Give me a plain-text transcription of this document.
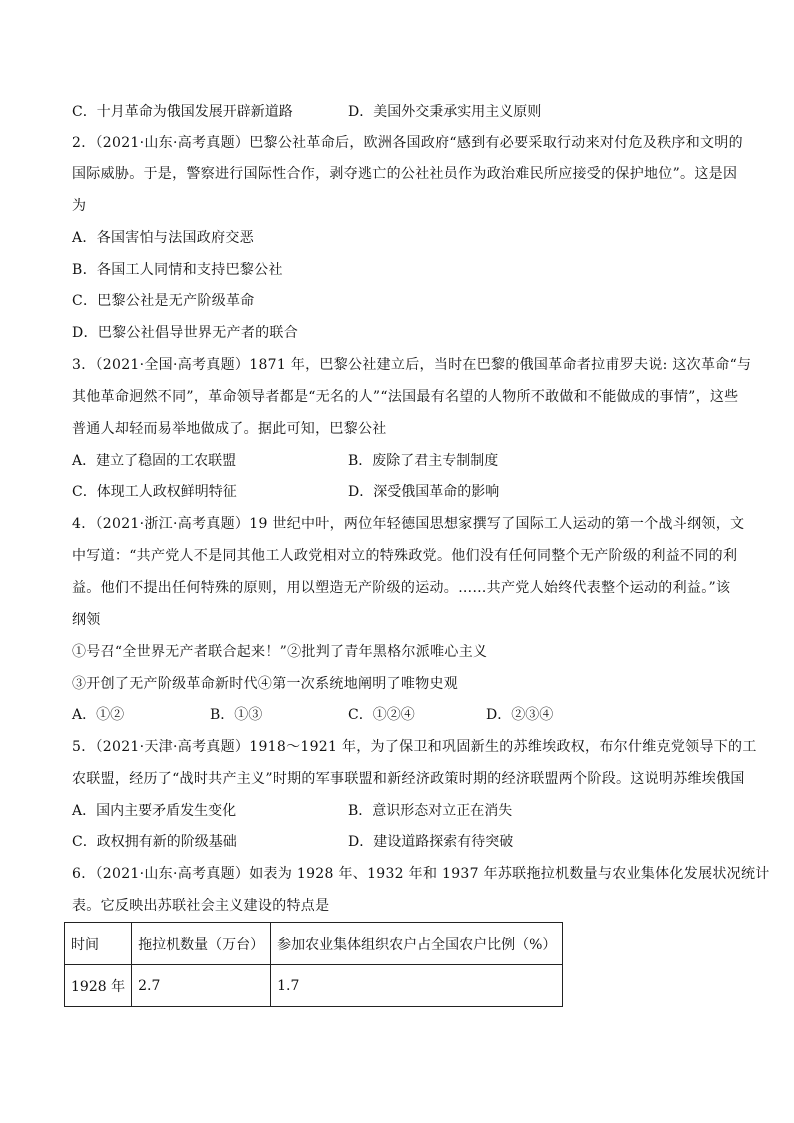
C．十月革命为俄国发展开辟新道路	D．美国外交秉承实用主义原则
2．（2021·山东·高考真题）巴黎公社革命后，欧洲各国政府“感到有必要采取行动来对付危及秩序和文明的
国际威胁。于是，警察进行国际性合作，剥夺逃亡的公社社员作为政治难民所应接受的保护地位”。这是因
为
A．各国害怕与法国政府交恶
B．各国工人同情和支持巴黎公社
C．巴黎公社是无产阶级革命
D．巴黎公社倡导世界无产者的联合
3．（2021·全国·高考真题）1871 年，巴黎公社建立后，当时在巴黎的俄国革命者拉甫罗夫说: 这次革命“与
其他革命迥然不同”，革命领导者都是“无名的人”“法国最有名望的人物所不敢做和不能做成的事情”，这些
普通人却轻而易举地做成了。据此可知，巴黎公社
A．建立了稳固的工农联盟	B．废除了君主专制制度
C．体现工人政权鲜明特征	D．深受俄国革命的影响
4．（2021·浙江·高考真题）19 世纪中叶，两位年轻德国思想家撰写了国际工人运动的第一个战斗纲领，文
中写道：“共产党人不是同其他工人政党相对立的特殊政党。他们没有任何同整个无产阶级的利益不同的利
益。他们不提出任何特殊的原则，用以塑造无产阶级的运动。……共产党人始终代表整个运动的利益。”该
纲领
①号召“全世界无产者联合起来！”②批判了青年黑格尔派唯心主义
③开创了无产阶级革命新时代④第一次系统地阐明了唯物史观
A．①②	B．①③	C．①②④	D．②③④
5．（2021·天津·高考真题）1918～1921 年，为了保卫和巩固新生的苏维埃政权，布尔什维克党领导下的工
农联盟，经历了“战时共产主义”时期的军事联盟和新经济政策时期的经济联盟两个阶段。这说明苏维埃俄国
A．国内主要矛盾发生变化	B．意识形态对立正在消失
C．政权拥有新的阶级基础	D．建设道路探索有待突破
6．（2021·山东·高考真题）如表为 1928 年、1932 年和 1937 年苏联拖拉机数量与农业集体化发展状况统计
表。它反映出苏联社会主义建设的特点是
时间	拖拉机数量（万台）	参加农业集体组织农户占全国农户比例（%）
1928 年	2.7	1.7
